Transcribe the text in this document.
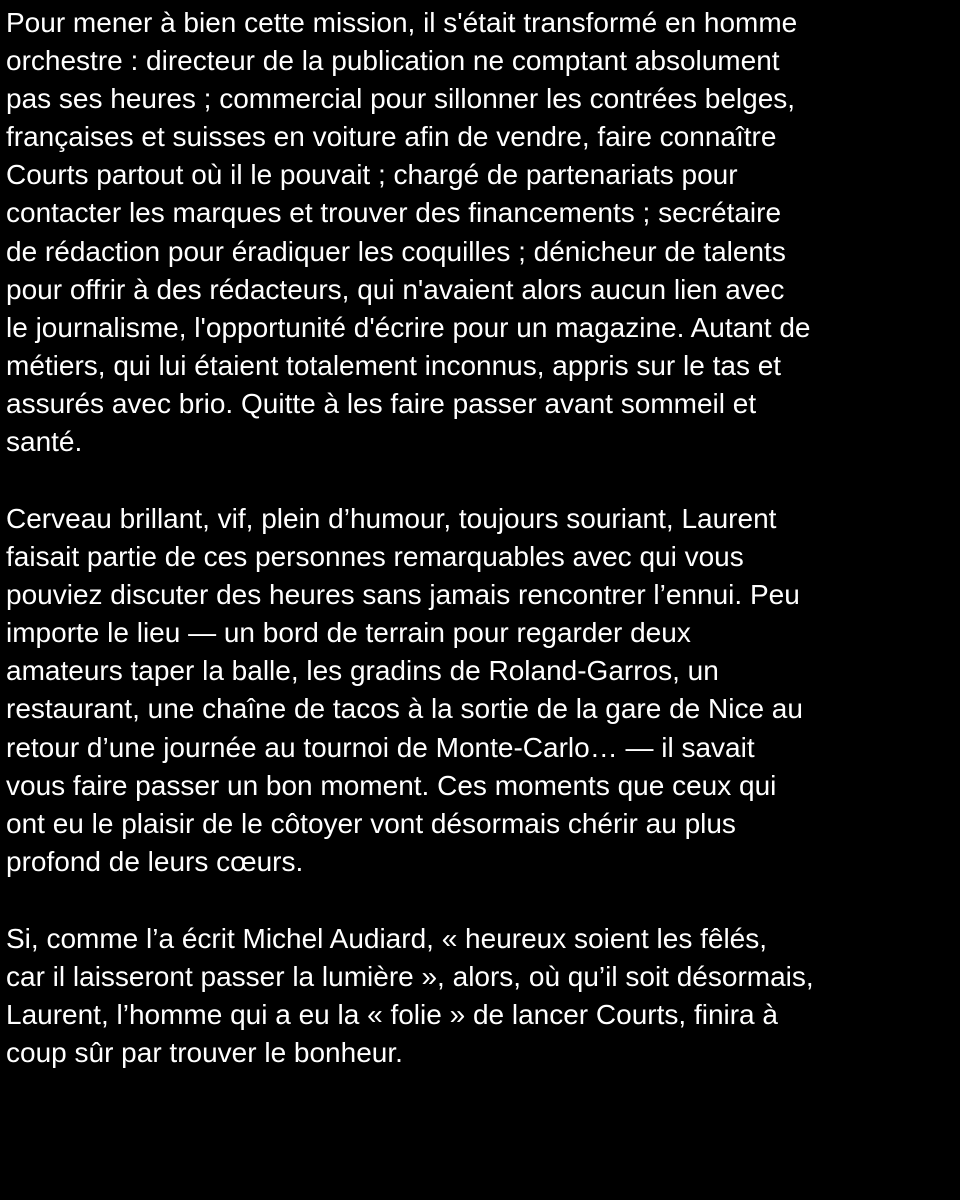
Pour mener à bien cette mission, il s'était transformé en homme
orchestre : directeur de la publication ne comptant absolument
pas ses heures ; commercial pour sillonner les contrées belges,
françaises et suisses en voiture afin de vendre, faire connaître
Courts partout où il le pouvait ; chargé de partenariats pour
contacter les marques et trouver des financements ; secrétaire
de rédaction pour éradiquer les coquilles ; dénicheur de talents
pour offrir à des rédacteurs, qui n'avaient alors aucun lien avec
le journalisme, l'opportunité d'écrire pour un magazine. Autant de
métiers, qui lui étaient totalement inconnus, appris sur le tas et
assurés avec brio. Quitte à les faire passer avant sommeil et
santé.

Cerveau brillant, vif, plein d’humour, toujours souriant, Laurent
faisait partie de ces personnes remarquables avec qui vous
pouviez discuter des heures sans jamais rencontrer l’ennui. Peu
importe le lieu — un bord de terrain pour regarder deux
amateurs taper la balle, les gradins de Roland-Garros, un
restaurant, une chaîne de tacos à la sortie de la gare de Nice au
retour d’une journée au tournoi de Monte-Carlo… — il savait
vous faire passer un bon moment. Ces moments que ceux qui
ont eu le plaisir de le côtoyer vont désormais chérir au plus
profond de leurs cœurs.

Si, comme l’a écrit Michel Audiard, « heureux soient les fêlés,
car il laisseront passer la lumière », alors, où qu’il soit désormais,
Laurent, l’homme qui a eu la « folie » de lancer Courts, finira à
coup sûr par trouver le bonheur.
